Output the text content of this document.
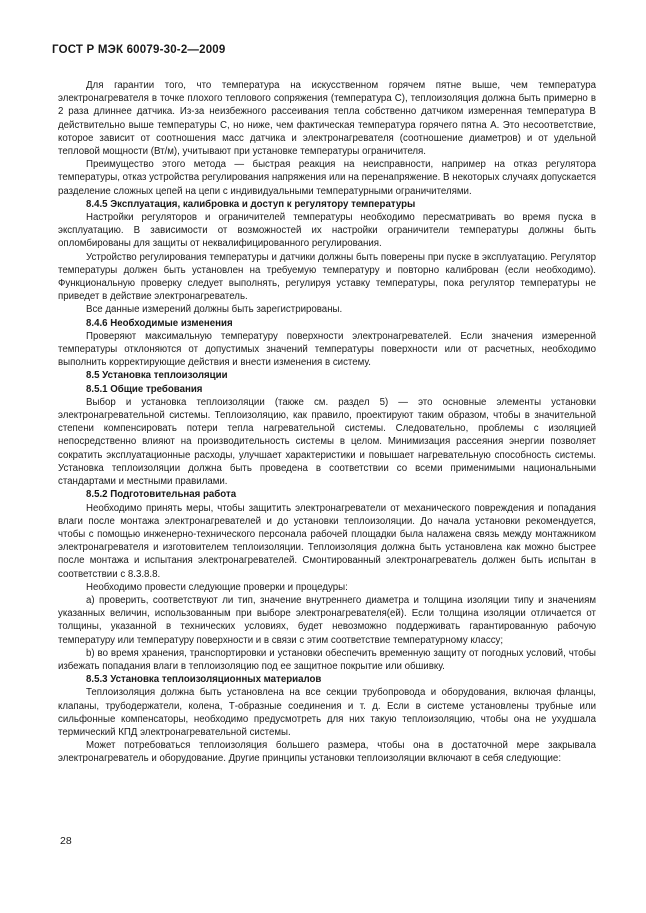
ГОСТ Р МЭК 60079-30-2—2009

Для гарантии того, что температура на искусственном горячем пятне выше, чем температура электронагревателя в точке плохого теплового сопряжения (температура C), теплоизоляция должна быть примерно в 2 раза длиннее датчика. Из-за неизбежного рассеивания тепла собственно датчиком измеренная температура B действительно выше температуры C, но ниже, чем фактическая температура горячего пятна A. Это несоответствие, которое зависит от соотношения масс датчика и электронагревателя (соотношение диаметров) и от удельной тепловой мощности (Вт/м), учитывают при установке температуры ограничителя.

Преимущество этого метода — быстрая реакция на неисправности, например на отказ регулятора температуры, отказ устройства регулирования напряжения или на перенапряжение. В некоторых случаях допускается разделение сложных цепей на цепи с индивидуальными температурными ограничителями.

8.4.5 Эксплуатация, калибровка и доступ к регулятору температуры

Настройки регуляторов и ограничителей температуры необходимо пересматривать во время пуска в эксплуатацию. В зависимости от возможностей их настройки ограничители температуры должны быть опломбированы для защиты от неквалифицированного регулирования.

Устройство регулирования температуры и датчики должны быть поверены при пуске в эксплуатацию. Регулятор температуры должен быть установлен на требуемую температуру и повторно калиброван (если необходимо). Функциональную проверку следует выполнять, регулируя уставку температуры, пока регулятор температуры не приведет в действие электронагреватель.

Все данные измерений должны быть зарегистрированы.

8.4.6 Необходимые изменения

Проверяют максимальную температуру поверхности электронагревателей. Если значения измеренной температуры отклоняются от допустимых значений температуры поверхности или от расчетных, необходимо выполнить корректирующие действия и внести изменения в систему.

8.5 Установка теплоизоляции

8.5.1 Общие требования

Выбор и установка теплоизоляции (также см. раздел 5) — это основные элементы установки электронагревательной системы. Теплоизоляцию, как правило, проектируют таким образом, чтобы в значительной степени компенсировать потери тепла нагревательной системы. Следовательно, проблемы с изоляцией непосредственно влияют на производительность системы в целом. Минимизация рассеяния энергии позволяет сократить эксплуатационные расходы, улучшает характеристики и повышает нагревательную способность системы. Установка теплоизоляции должна быть проведена в соответствии со всеми применимыми национальными стандартами и местными правилами.

8.5.2 Подготовительная работа

Необходимо принять меры, чтобы защитить электронагреватели от механического повреждения и попадания влаги после монтажа электронагревателей и до установки теплоизоляции. До начала установки рекомендуется, чтобы с помощью инженерно-технического персонала рабочей площадки была налажена связь между монтажником электронагревателя и изготовителем теплоизоляции. Теплоизоляция должна быть установлена как можно быстрее после монтажа и испытания электронагревателей. Смонтированный электронагреватель должен быть испытан в соответствии с 8.3.8.8.

Необходимо провести следующие проверки и процедуры:

a) проверить, соответствуют ли тип, значение внутреннего диаметра и толщина изоляции типу и значениям указанных величин, использованным при выборе электронагревателя(ей). Если толщина изоляции отличается от толщины, указанной в технических условиях, будет невозможно поддерживать гарантированную рабочую температуру или температуру поверхности и в связи с этим соответствие температурному классу;

b) во время хранения, транспортировки и установки обеспечить временную защиту от погодных условий, чтобы избежать попадания влаги в теплоизоляцию под ее защитное покрытие или обшивку.

8.5.3 Установка теплоизоляционных материалов

Теплоизоляция должна быть установлена на все секции трубопровода и оборудования, включая фланцы, клапаны, трубодержатели, колена, Т-образные соединения и т. д. Если в системе установлены трубные или сильфонные компенсаторы, необходимо предусмотреть для них такую теплоизоляцию, чтобы она не ухудшала термический КПД электронагревательной системы.

Может потребоваться теплоизоляция большего размера, чтобы она в достаточной мере закрывала электронагреватель и оборудование. Другие принципы установки теплоизоляции включают в себя следующие:

28
